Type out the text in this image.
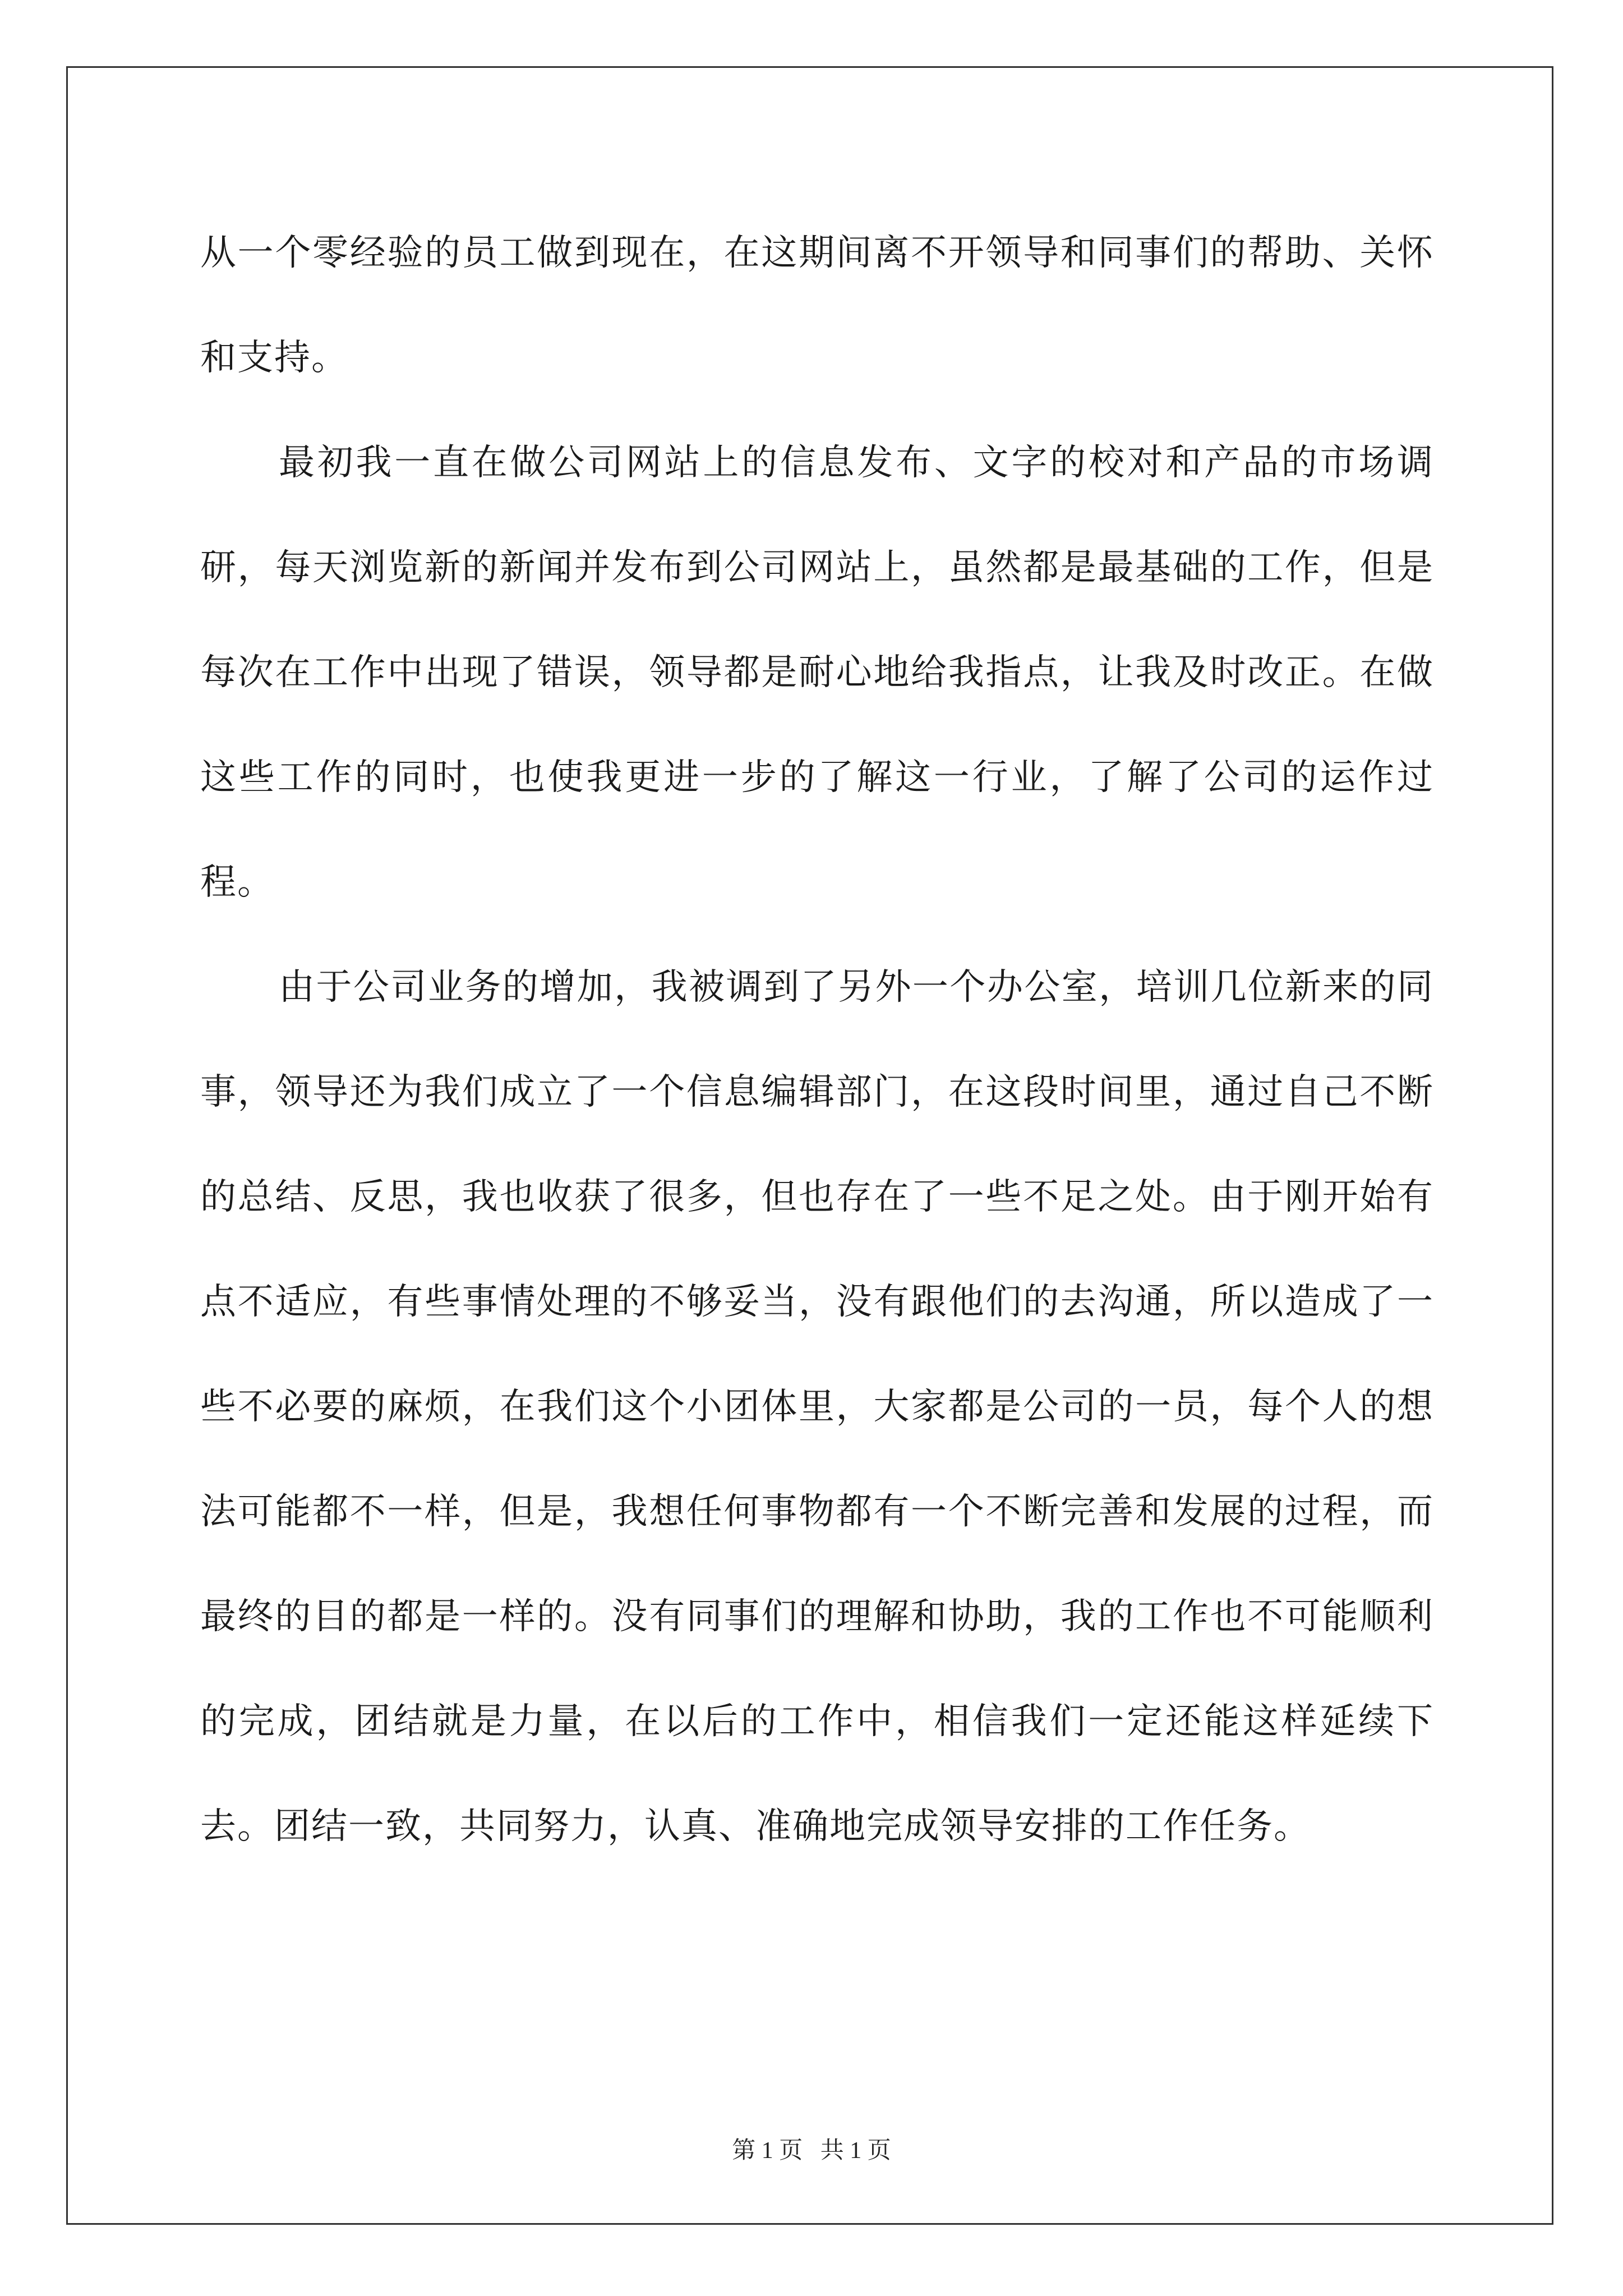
从一个零经验的员工做到现在，在这期间离不开领导和同事们的帮助、关怀和支持。

最初我一直在做公司网站上的信息发布、文字的校对和产品的市场调研，每天浏览新的新闻并发布到公司网站上，虽然都是最基础的工作，但是每次在工作中出现了错误，领导都是耐心地给我指点，让我及时改正。在做这些工作的同时，也使我更进一步的了解这一行业，了解了公司的运作过程。

由于公司业务的增加，我被调到了另外一个办公室，培训几位新来的同事，领导还为我们成立了一个信息编辑部门，在这段时间里，通过自己不断的总结、反思，我也收获了很多，但也存在了一些不足之处。由于刚开始有点不适应，有些事情处理的不够妥当，没有跟他们的去沟通，所以造成了一些不必要的麻烦，在我们这个小团体里，大家都是公司的一员，每个人的想法可能都不一样，但是，我想任何事物都有一个不断完善和发展的过程，而最终的目的都是一样的。没有同事们的理解和协助，我的工作也不可能顺利的完成，团结就是力量，在以后的工作中，相信我们一定还能这样延续下去。团结一致，共同努力，认真、准确地完成领导安排的工作任务。

第 1 页   共 1 页
